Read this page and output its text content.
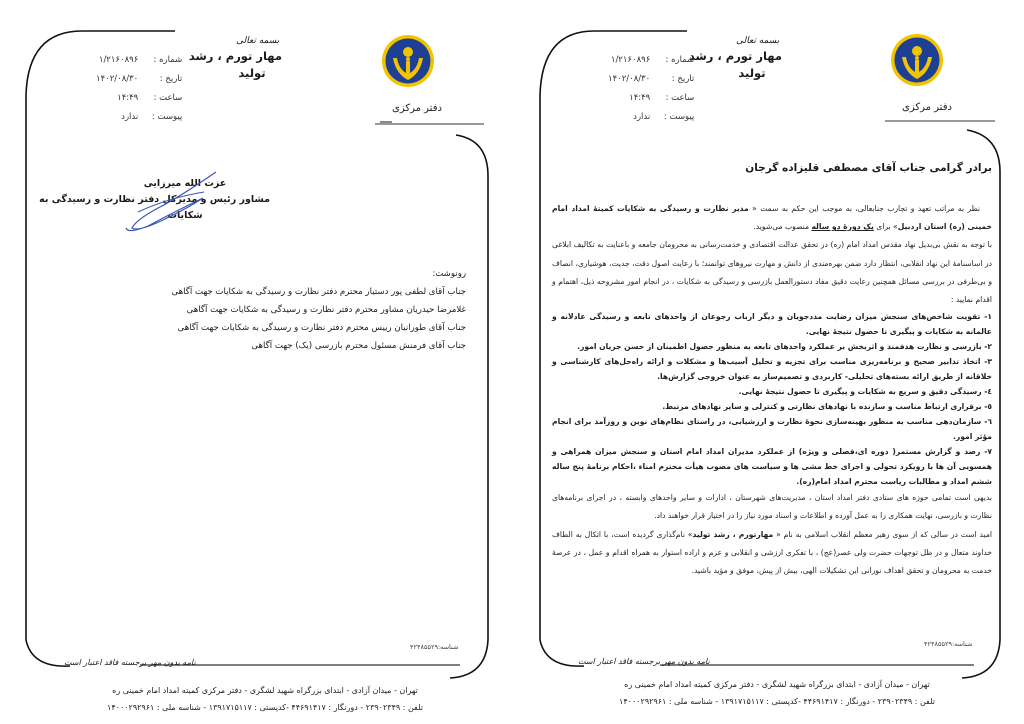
دفتر مرکزی
بسمه تعالی
مهار تورم ، رشد
تولید
شماره :
۱/۲۱۶۰۸۹۶
تاریخ :
۱۴۰۲/۰۸/۳۰
ساعت :
۱۴:۴۹
پیوست :
ندارد
عزت الله میرزایی
مشاور رئیس و مدیرکل دفتر نظارت و رسیدگی به
شکایات
رونوشت:
جناب آقای لطفی پور دستیار محترم دفتر نظارت و رسیدگی به شکایات جهت آگاهی
غلامرضا حیدریان مشاور محترم دفتر نظارت و رسیدگی به شکایات جهت آگاهی
جناب آقای طورانیان رییس محترم دفتر نظارت و رسیدگی به شکایات جهت آگاهی
جناب آقای فرمنش مسئول محترم بازرسی (یک) جهت آگاهی
شناسه:۴۲۴۸۵۵۲۹
نامه بدون مهر برجسته فاقد اعتبار است
تهران - میدان آزادی - ابتدای بزرگراه شهید لشگری - دفتر مرکزی کمیته امداد امام خمینی ره
تلفن : ۲۳۹۰۲۳۴۹ - دورنگار : ۴۴۶۹۱۴۱۷ -کدپستی : ۱۳۹۱۷۱۵۱۱۷ - شناسه ملی : ۱۴۰۰۰۲۹۲۹۶۱
دفتر مرکزی
بسمه تعالی
مهار تورم ، رشد
تولید
شماره :
۱/۲۱۶۰۸۹۶
تاریخ :
۱۴۰۲/۰۸/۳۰
ساعت :
۱۴:۴۹
پیوست :
ندارد
برادر گرامی جناب آقای مصطفی قلیزاده گرجان

نظر به مراتب تعهد و تجارب جنابعالی، به موجب این حکم به سمت « مدیر نظارت و رسیدگی به شکایات کمیتهٔ امداد امام خمینی (ره) استان اردبیل» برای یک دورهٔ دو ساله منصوب می‌شوید.

با توجه به نقش بی‌بدیل نهاد مقدس امداد امام (ره) در تحقق عدالت اقتصادی و خدمت‌رسانی به محرومان جامعه و باعنایت به تکالیف ابلاغی در اساسنامهٔ این نهاد انقلابی، انتظار دارد ضمن بهره‌مندی از دانش و مهارت نیروهای توانمند؛ با رعایت اصول دقت، جدیت، هوشیاری، انصاف و بی‌طرفی در بررسی مسائل همچنین رعایت دقیق مفاد دستورالعمل بازرسی و رسیدگی به شکایات ، در انجام امور مشروحه ذیل، اهتمام و اقدام نمایید :

۱- تقویت شاخص‌های سنجش میزان رضایت مددجویان و دیگر ارباب رجوعان از واحدهای تابعه و رسیدگی عادلانه و عالمانه به شکایات و پیگیری تا حصول نتیجهٔ نهایی.

۲- بازرسی و نظارت هدفمند و اثربخش بر عملکرد واحدهای تابعه به منظور حصول اطمینان از حسن جریان امور.

۳- اتخاذ تدابیر صحیح و برنامه‌ریزی مناسب برای تجزیه و تحلیل آسیب‌ها و مشکلات و ارائه راه‌حل‌های کارشناسی و خلاقانه از طریق ارائه بسته‌های تحلیلی- کاربردی و تصمیم‌ساز به عنوان خروجی گزارش‌ها.

٤- رسیدگی دقیق و سریع به شکایات و پیگیری تا حصول نتیجهٔ نهایی.

٥- برقراری ارتباط مناسب و سازنده با نهادهای نظارتی و کنترلی و سایر نهادهای مرتبط.

٦- سازمان‌دهی مناسب به منظور بهینه‌سازی نحوهٔ نظارت و ارزشیابی، در راستای نظام‌های نوین و روزآمد برای انجام مؤثر امور.

۷- رصد و گزارش مستمر( دوره ای،فصلی و ویژه) از عملکرد مدیران امداد امام استان و سنجش میزان همراهی و همسویی آن ها با رویکرد تحولی و اجرای خط مشی ها و سیاست های مصوب هیأت محترم امناء ،احکام برنامهٔ پنج ساله ششم امداد و مطالبات ریاست محترم امداد امام(ره).

بدیهی است تمامی حوزه های ستادی دفتر امداد استان ، مدیریت‌های شهرستان ، ادارات و سایر واحدهای وابسته ، در اجرای برنامه‌های نظارت و بازرسی، نهایت همکاری را به عمل آورده و اطلاعات و اسناد مورد نیاز را در اختیار قرار خواهند داد.

امید است در سالی که از سوی رهبر معظم انقلاب اسلامی به نام « مهارتورم ، رشد تولید» نام‌گذاری گردیده است، با اتکال به الطاف خداوند متعال و در ظل توجهات حضرت ولی عصر(عج) ، با تفکری ارزشی و انقلابی و عزم و اراده استوار به همراه اقدام و عمل ، در عرصهٔ خدمت به محرومان و تحقق اهداف نورانی این تشکیلات الهی، بیش از پیش، موفق و مؤید باشید.

شناسه:۴۲۴۸۵۵۲۹
نامه بدون مهر برجسته فاقد اعتبار است
تهران - میدان آزادی - ابتدای بزرگراه شهید لشگری - دفتر مرکزی کمیته امداد امام خمینی ره
تلفن : ۲۳۹۰۲۳۴۹ - دورنگار : ۴۴۶۹۱۴۱۷ -کدپستی : ۱۳۹۱۷۱۵۱۱۷ - شناسه ملی : ۱۴۰۰۰۲۹۲۹۶۱
